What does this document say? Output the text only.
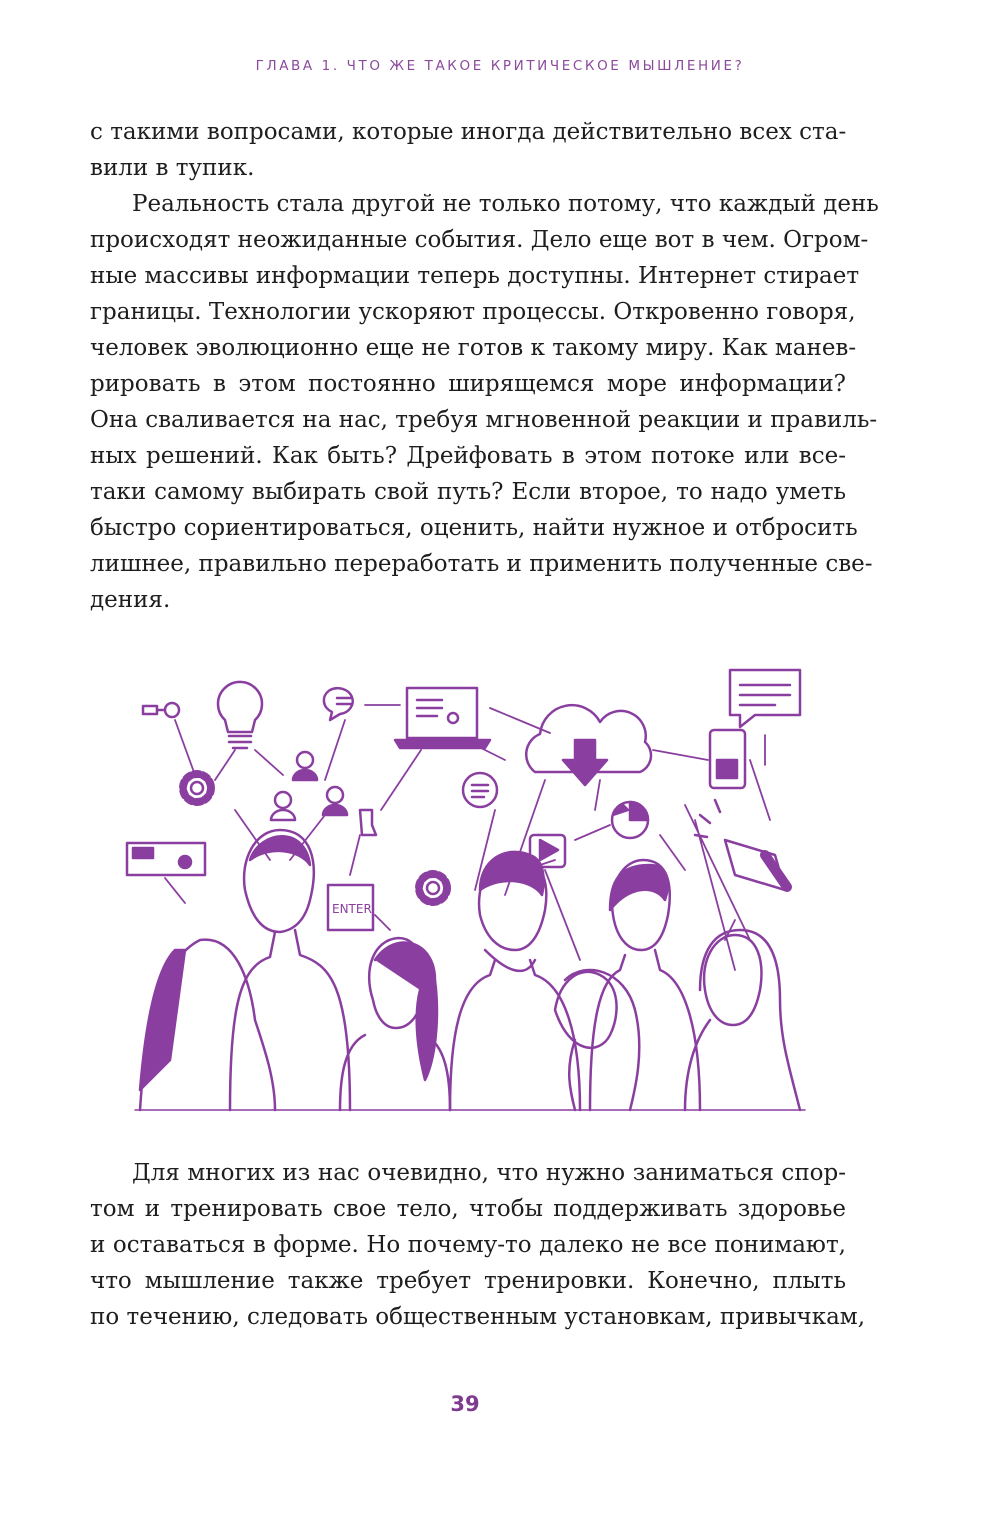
ГЛАВА 1. ЧТО ЖЕ ТАКОЕ КРИТИЧЕСКОЕ МЫШЛЕНИЕ?
с такими вопросами, которые иногда действительно всех ста-
вили в тупик.
Реальность стала другой не только потому, что каждый день
происходят неожиданные события. Дело еще вот в чем. Огром-
ные массивы информации теперь доступны. Интернет стирает
границы. Технологии ускоряют процессы. Откровенно говоря,
человек эволюционно еще не готов к такому миру. Как манев-
рировать в этом постоянно ширящемся море информации?
Она сваливается на нас, требуя мгновенной реакции и правиль-
ных решений. Как быть? Дрейфовать в этом потоке или все-
таки самому выбирать свой путь? Если второе, то надо уметь
быстро сориентироваться, оценить, найти нужное и отбросить
лишнее, правильно переработать и применить полученные све-
дения.
ENTER
Для многих из нас очевидно, что нужно заниматься спор-
том и тренировать свое тело, чтобы поддерживать здоровье
и оставаться в форме. Но почему-то далеко не все понимают,
что мышление также требует тренировки. Конечно, плыть
по течению, следовать общественным установкам, привычкам,
39
